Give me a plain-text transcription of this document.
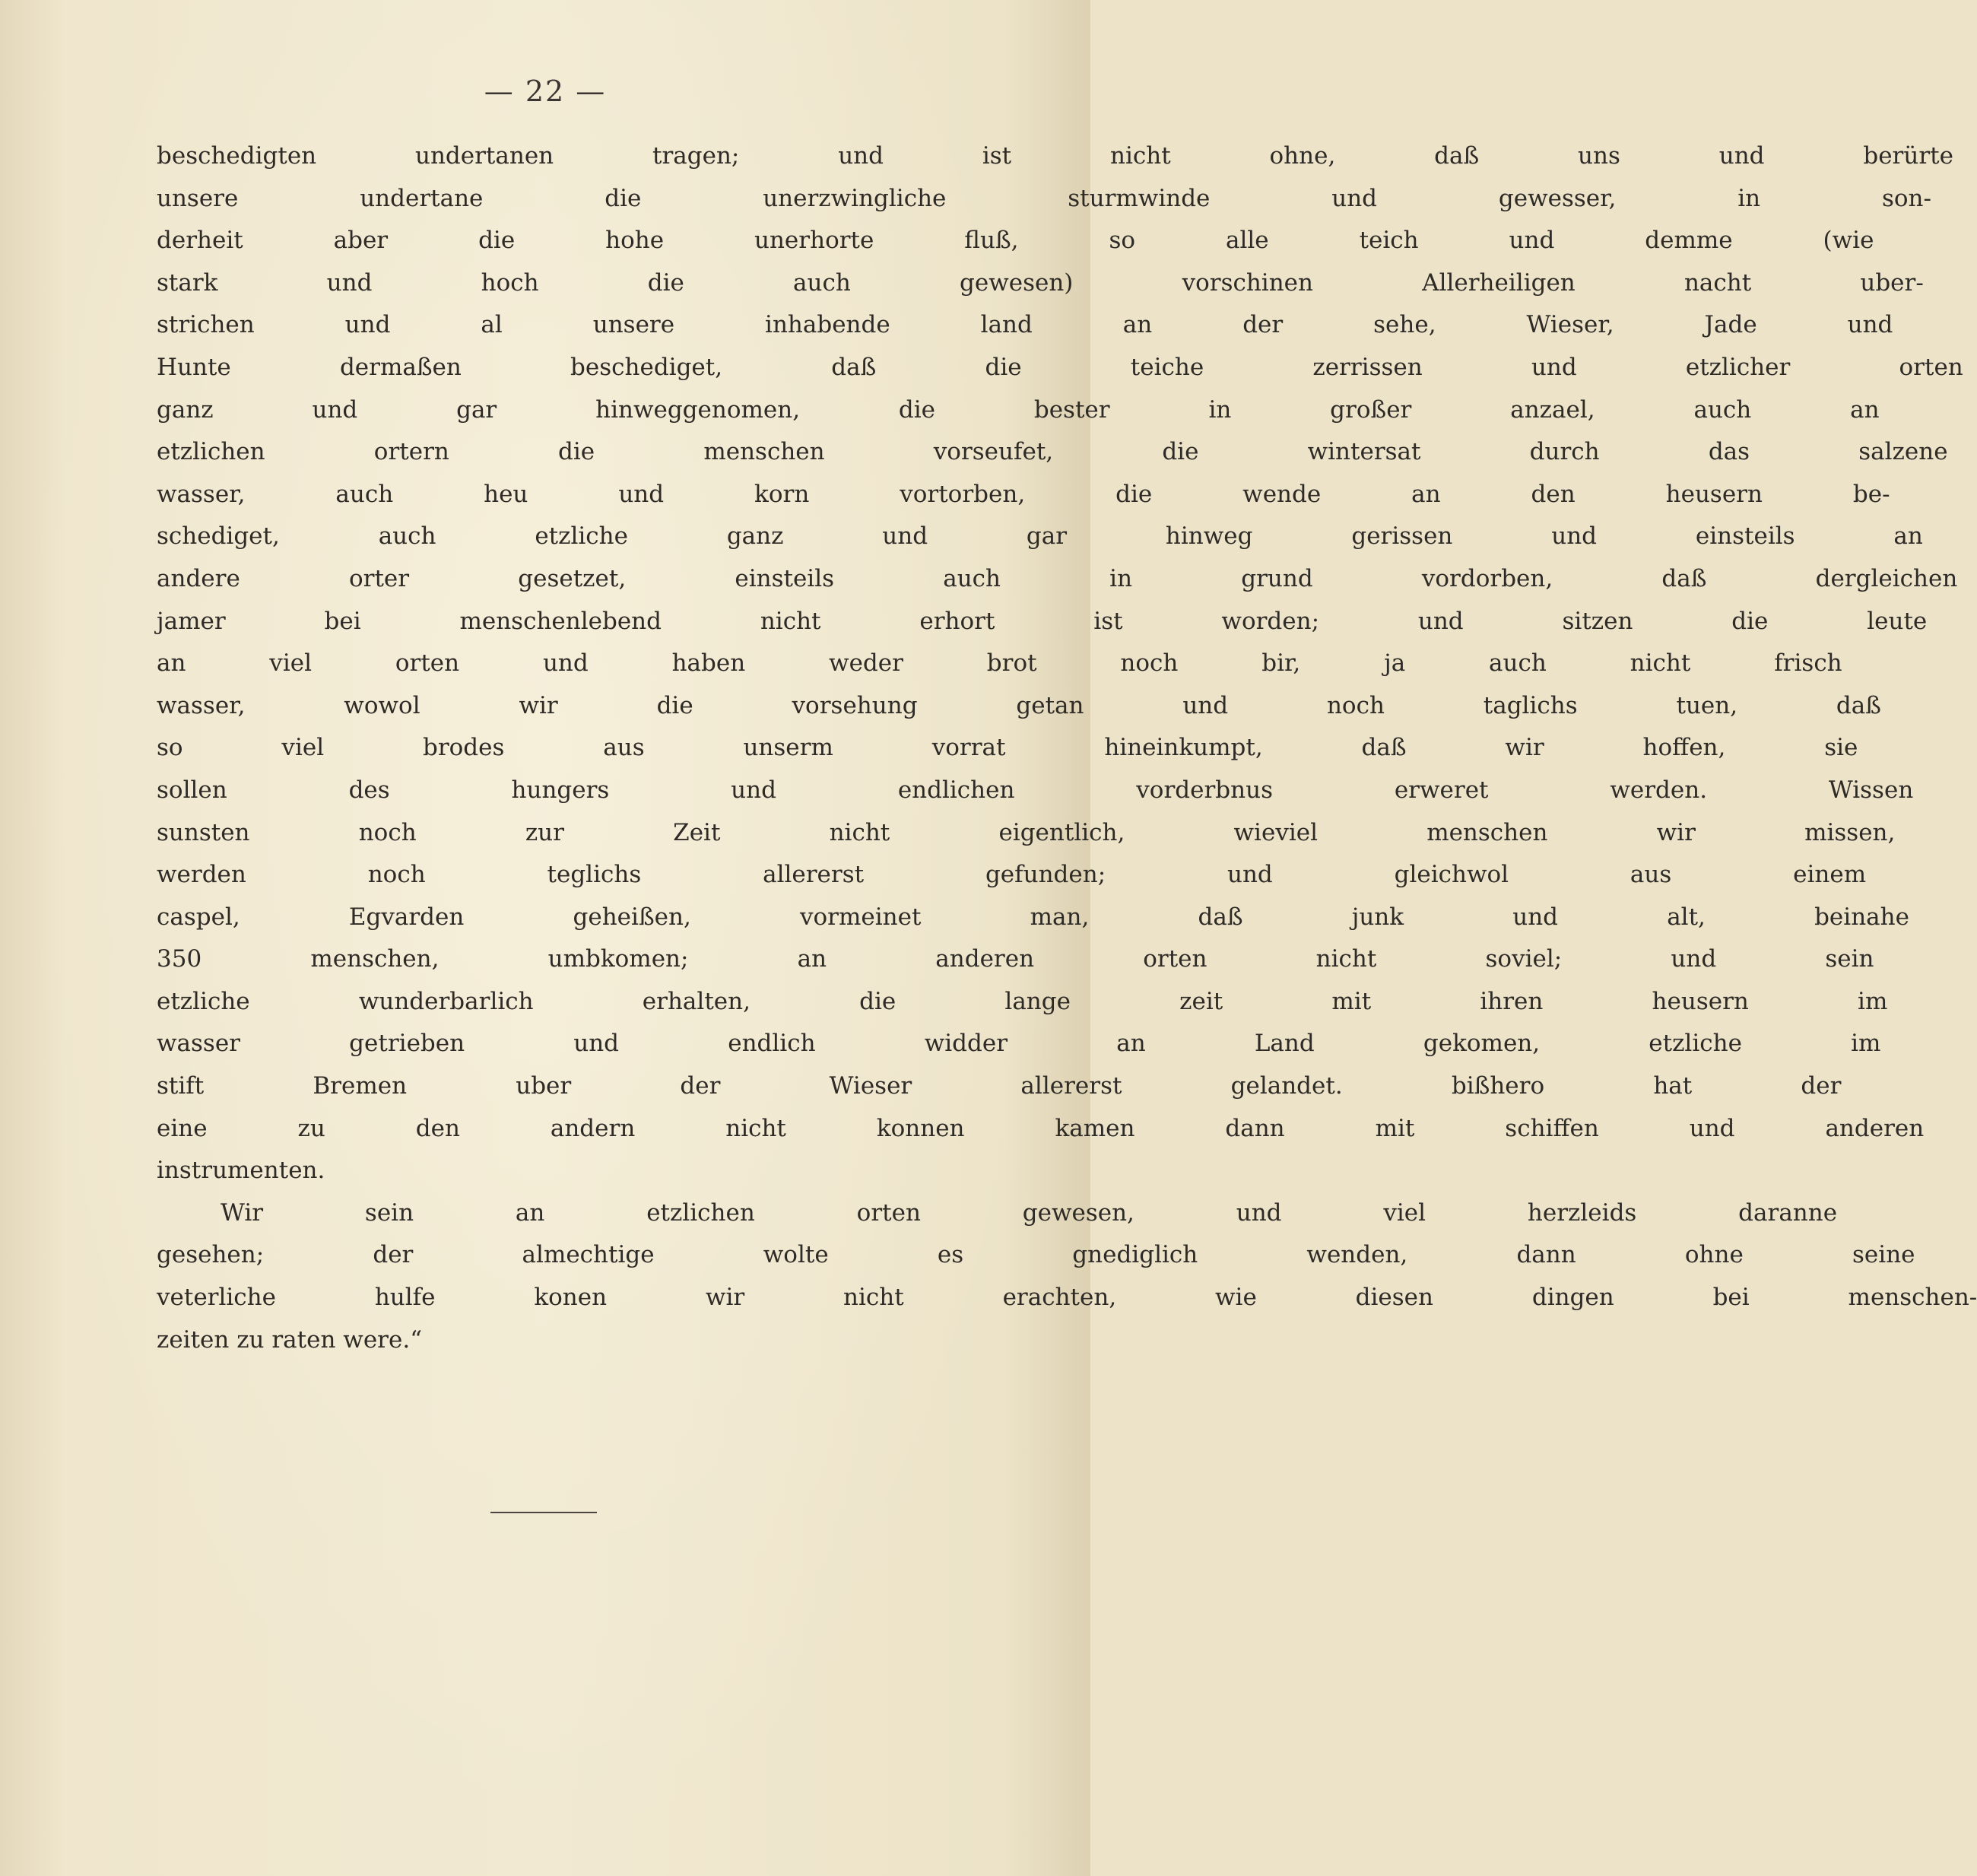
— 22 —
beschedigten undertanen tragen; und ist nicht ohne, daß uns und berürte
unsere undertane die unerzwingliche sturmwinde und gewesser, in son-
derheit aber die hohe unerhorte fluß, so alle teich und demme (wie
stark und hoch die auch gewesen) vorschinen Allerheiligen nacht uber-
strichen und al unsere inhabende land an der sehe, Wieser, Jade und
Hunte dermaßen beschediget, daß die teiche zerrissen und etzlicher orten
ganz und gar hinweggenomen, die bester in großer anzael, auch an
etzlichen ortern die menschen vorseufet, die wintersat durch das salzene
wasser, auch heu und korn vortorben, die wende an den heusern be-
schediget, auch etzliche ganz und gar hinweg gerissen und einsteils an
andere orter gesetzet, einsteils auch in grund vordorben, daß dergleichen
jamer bei menschenlebend nicht erhort ist worden; und sitzen die leute
an viel orten und haben weder brot noch bir, ja auch nicht frisch
wasser, wowol wir die vorsehung getan und noch taglichs tuen, daß
so viel brodes aus unserm vorrat hineinkumpt, daß wir hoffen, sie
sollen des hungers und endlichen vorderbnus erweret werden. Wissen
sunsten noch zur Zeit nicht eigentlich, wieviel menschen wir missen,
werden noch teglichs allererst gefunden; und gleichwol aus einem
caspel, Egvarden geheißen, vormeinet man, daß junk und alt, beinahe
350 menschen, umbkomen; an anderen orten nicht soviel; und sein
etzliche wunderbarlich erhalten, die lange zeit mit ihren heusern im
wasser getrieben und endlich widder an Land gekomen, etzliche im
stift Bremen uber der Wieser allererst gelandet. bißhero hat der
eine zu den andern nicht konnen kamen dann mit schiffen und anderen
instrumenten.
Wir sein an etzlichen orten gewesen, und viel herzleids daranne
gesehen; der almechtige wolte es gnediglich wenden, dann ohne seine
veterliche hulfe konen wir nicht erachten, wie diesen dingen bei menschen-
zeiten zu raten were.“
